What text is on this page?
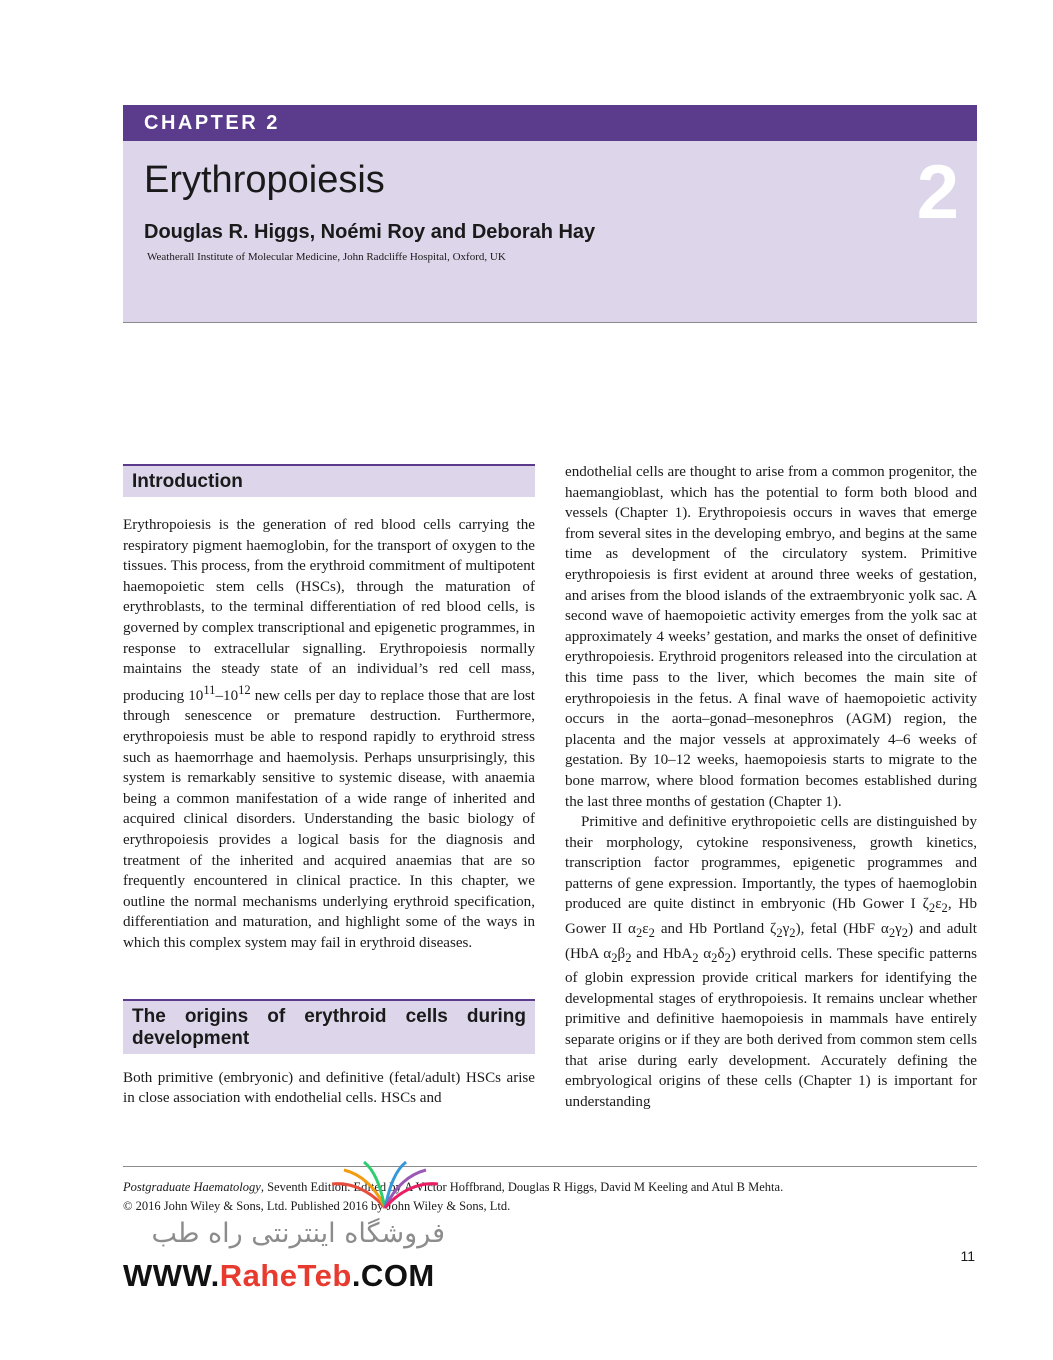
CHAPTER 2
Erythropoiesis	2
Douglas R. Higgs, Noémi Roy and Deborah Hay
Weatherall Institute of Molecular Medicine, John Radcliffe Hospital, Oxford, UK
Introduction

Erythropoiesis is the generation of red blood cells carrying the respiratory pigment haemoglobin, for the transport of oxygen to the tissues. This process, from the erythroid commitment of multipotent haemopoietic stem cells (HSCs), through the maturation of erythroblasts, to the terminal differentiation of red blood cells, is governed by complex transcriptional and epigenetic programmes, in response to extracellular signalling. Erythropoiesis normally maintains the steady state of an individual’s red cell mass, producing $10^{11}-10^{12}$ new cells per day to replace those that are lost through senescence or premature destruction. Furthermore, erythropoiesis must be able to respond rapidly to erythroid stress such as haemorrhage and haemolysis. Perhaps unsurprisingly, this system is remarkably sensitive to systemic disease, with anaemia being a common manifestation of a wide range of inherited and acquired clinical disorders. Understanding the basic biology of erythropoiesis provides a logical basis for the diagnosis and treatment of the inherited and acquired anaemias that are so frequently encountered in clinical practice. In this chapter, we outline the normal mechanisms underlying erythroid specification, differentiation and maturation, and highlight some of the ways in which this complex system may fail in erythroid diseases.

The origins of erythroid cells during development

Both primitive (embryonic) and definitive (fetal/adult) HSCs arise in close association with endothelial cells. HSCs and

endothelial cells are thought to arise from a common progenitor, the haemangioblast, which has the potential to form both blood and vessels (Chapter 1). Erythropoiesis occurs in waves that emerge from several sites in the developing embryo, and begins at the same time as development of the circulatory system. Primitive erythropoiesis is first evident at around three weeks of gestation, and arises from the blood islands of the extraembryonic yolk sac. A second wave of haemopoietic activity emerges from the yolk sac at approximately 4 weeks’ gestation, and marks the onset of definitive erythropoiesis. Erythroid progenitors released into the circulation at this time pass to the liver, which becomes the main site of erythropoiesis in the fetus. A final wave of haemopoietic activity occurs in the aorta–gonad–mesonephros (AGM) region, the placenta and the major vessels at approximately 4–6 weeks of gestation. By 10–12 weeks, haemopoiesis starts to migrate to the bone marrow, where blood formation becomes established during the last three months of gestation (Chapter 1).

Primitive and definitive erythropoietic cells are distinguished by their morphology, cytokine responsiveness, growth kinetics, transcription factor programmes, epigenetic programmes and patterns of gene expression. Importantly, the types of haemoglobin produced are quite distinct in embryonic (Hb Gower I $\zeta_2\varepsilon_2$, Hb Gower II $\alpha_2\varepsilon_2$ and Hb Portland $\zeta_2\gamma_2$), fetal (HbF $\alpha_2\gamma_2$) and adult (HbA $\alpha_2\beta_2$ and HbA$_2$ $\alpha_2\delta_2$) erythroid cells. These specific patterns of globin expression provide critical markers for identifying the developmental stages of erythropoiesis. It remains unclear whether primitive and definitive haemopoiesis in mammals have entirely separate origins or if they are both derived from common stem cells that arise during early development. Accurately defining the embryological origins of these cells (Chapter 1) is important for understanding

Postgraduate Haematology, Seventh Edition. Edited by A Victor Hoffbrand, Douglas R Higgs, David M Keeling and Atul B Mehta.
© 2016 John Wiley & Sons, Ltd. Published 2016 by John Wiley & Sons, Ltd.
فروشگاه اینترنتی راه طب
WWW.RaheTeb.COM
11
